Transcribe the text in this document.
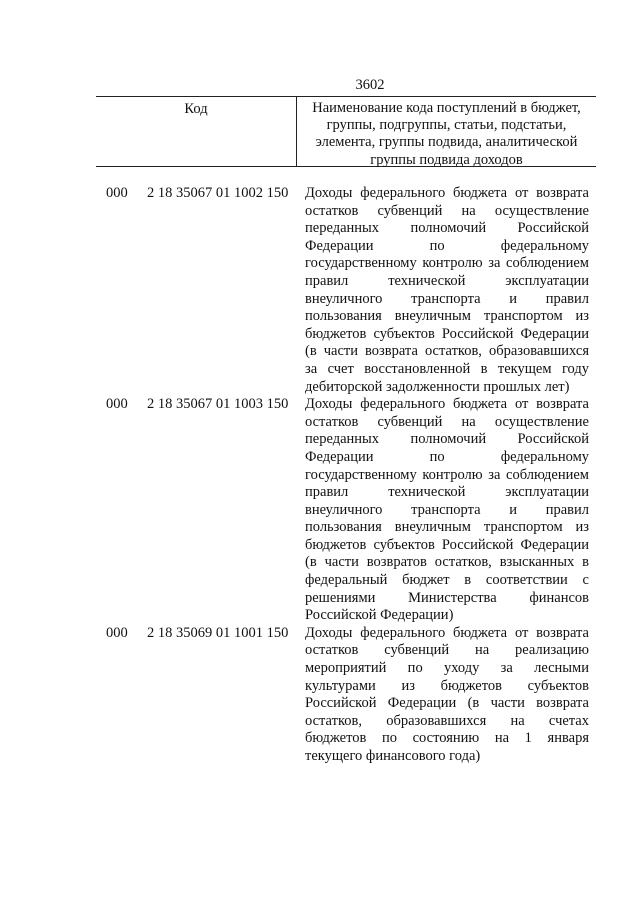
3602
Код	Наименование кода поступлений в бюджет, группы, подгруппы, статьи, подстатьи, элемента, группы подвида, аналитической группы подвида доходов
000 2 18 35067 01 1002 150 Доходы федерального бюджета от возврата остатков субвенций на осуществление переданных полномочий Российской Федерации по федеральному государственному контролю за соблюдением правил технической эксплуатации внеуличного транспорта и правил пользования внеуличным транспортом из бюджетов субъектов Российской Федерации (в части возврата остатков, образовавшихся за счет восстановленной в текущем году дебиторской задолженности прошлых лет)
000 2 18 35067 01 1003 150 Доходы федерального бюджета от возврата остатков субвенций на осуществление переданных полномочий Российской Федерации по федеральному государственному контролю за соблюдением правил технической эксплуатации внеуличного транспорта и правил пользования внеуличным транспортом из бюджетов субъектов Российской Федерации (в части возвратов остатков, взысканных в федеральный бюджет в соответствии с решениями Министерства финансов Российской Федерации)
000 2 18 35069 01 1001 150 Доходы федерального бюджета от возврата остатков субвенций на реализацию мероприятий по уходу за лесными культурами из бюджетов субъектов Российской Федерации (в части возврата остатков, образовавшихся на счетах бюджетов по состоянию на 1 января текущего финансового года)
